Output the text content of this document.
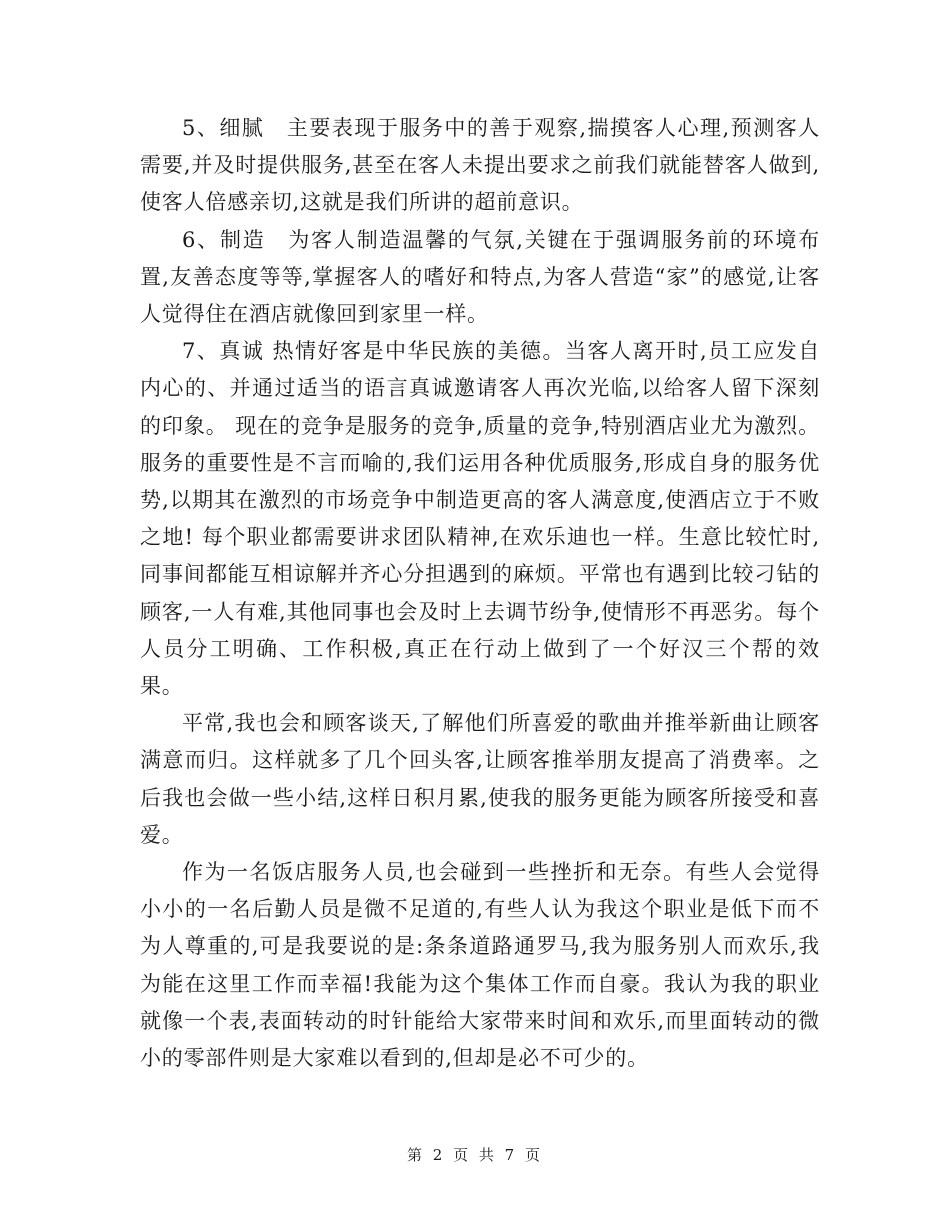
5、细腻　主要表现于服务中的善于观察,揣摸客人心理,预测客人需要,并及时提供服务,甚至在客人未提出要求之前我们就能替客人做到,使客人倍感亲切,这就是我们所讲的超前意识。

6、制造　为客人制造温馨的气氛,关键在于强调服务前的环境布置,友善态度等等,掌握客人的嗜好和特点,为客人营造“家”的感觉,让客人觉得住在酒店就像回到家里一样。

7、真诚 热情好客是中华民族的美德。当客人离开时,员工应发自内心的、并通过适当的语言真诚邀请客人再次光临,以给客人留下深刻的印象。 现在的竞争是服务的竞争,质量的竞争,特别酒店业尤为激烈。服务的重要性是不言而喻的,我们运用各种优质服务,形成自身的服务优势,以期其在激烈的市场竞争中制造更高的客人满意度,使酒店立于不败之地! 每个职业都需要讲求团队精神,在欢乐迪也一样。生意比较忙时,同事间都能互相谅解并齐心分担遇到的麻烦。平常也有遇到比较刁钻的顾客,一人有难,其他同事也会及时上去调节纷争,使情形不再恶劣。每个人员分工明确、工作积极,真正在行动上做到了一个好汉三个帮的效果。

平常,我也会和顾客谈天,了解他们所喜爱的歌曲并推举新曲让顾客满意而归。这样就多了几个回头客,让顾客推举朋友提高了消费率。之后我也会做一些小结,这样日积月累,使我的服务更能为顾客所接受和喜爱。

作为一名饭店服务人员,也会碰到一些挫折和无奈。有些人会觉得小小的一名后勤人员是微不足道的,有些人认为我这个职业是低下而不为人尊重的,可是我要说的是:条条道路通罗马,我为服务别人而欢乐,我为能在这里工作而幸福!我能为这个集体工作而自豪。我认为我的职业就像一个表,表面转动的时针能给大家带来时间和欢乐,而里面转动的微小的零部件则是大家难以看到的,但却是必不可少的。

第 2 页 共 7 页
